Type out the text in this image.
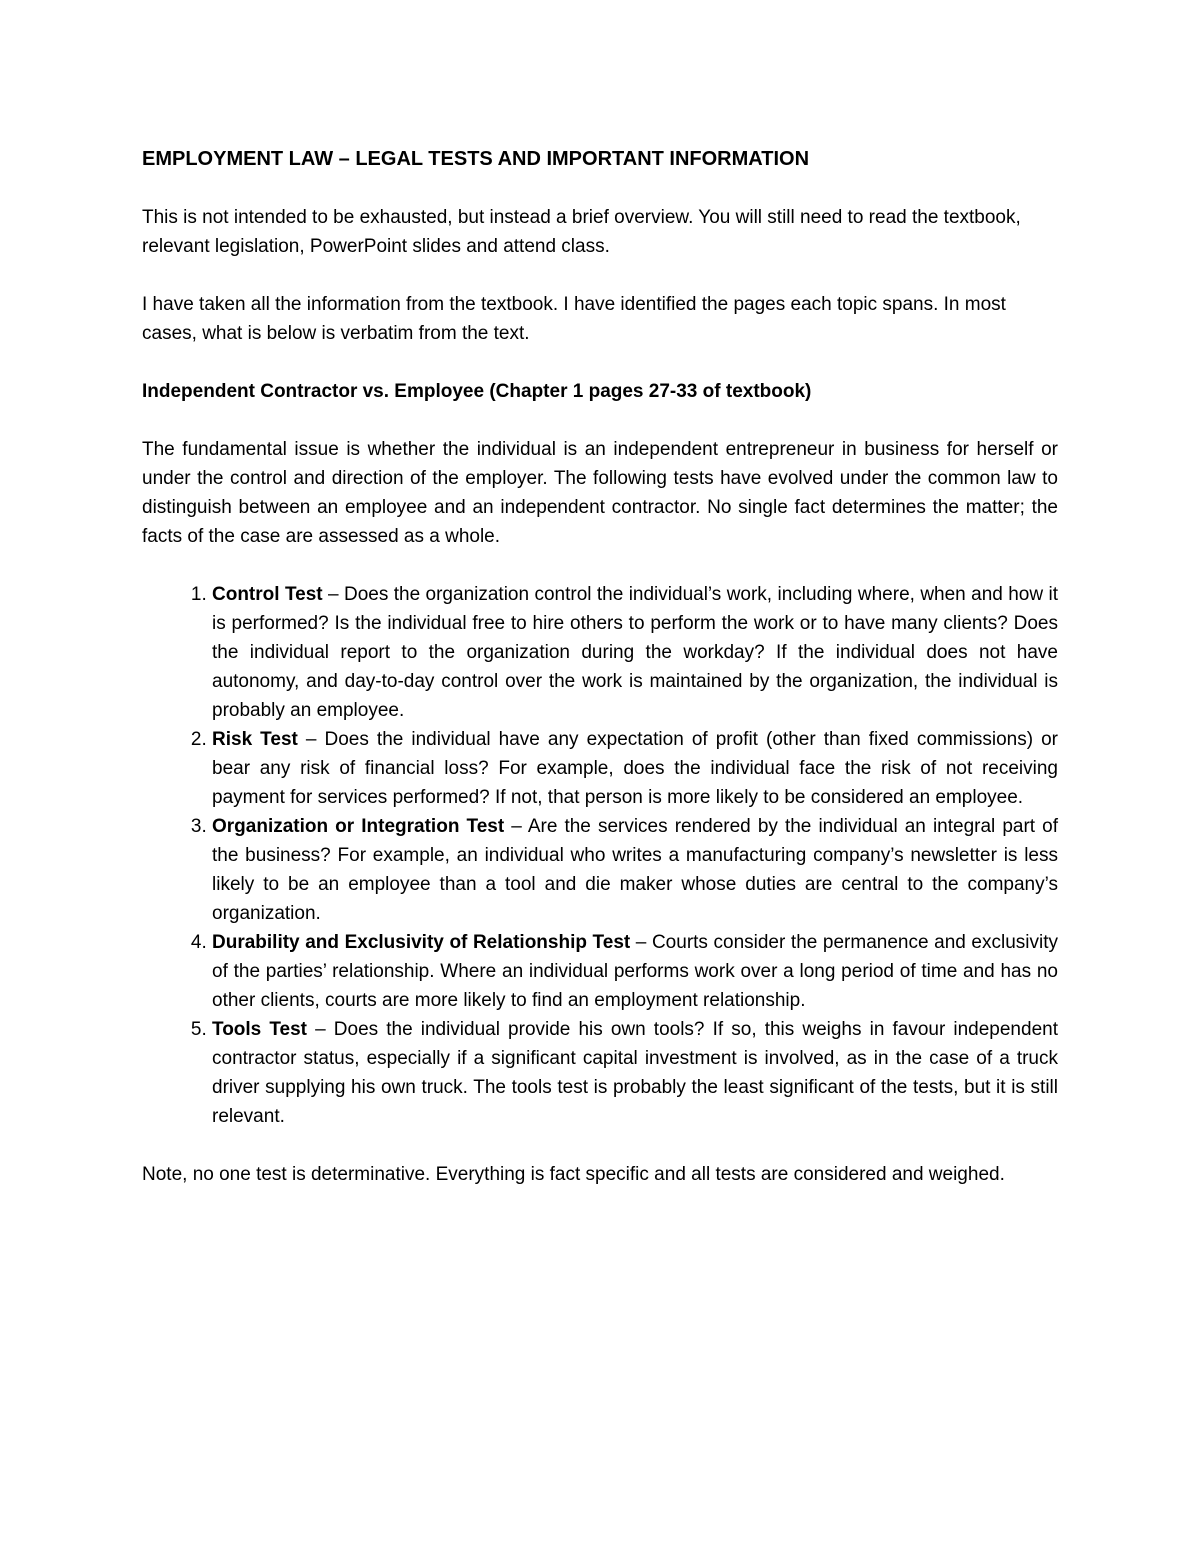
EMPLOYMENT LAW – LEGAL TESTS AND IMPORTANT INFORMATION

This is not intended to be exhausted, but instead a brief overview. You will still need to read the textbook, relevant legislation, PowerPoint slides and attend class.

I have taken all the information from the textbook. I have identified the pages each topic spans. In most cases, what is below is verbatim from the text.

Independent Contractor vs. Employee (Chapter 1 pages 27-33 of textbook)

The fundamental issue is whether the individual is an independent entrepreneur in business for herself or under the control and direction of the employer. The following tests have evolved under the common law to distinguish between an employee and an independent contractor. No single fact determines the matter; the facts of the case are assessed as a whole.

1. Control Test – Does the organization control the individual’s work, including where, when and how it is performed? Is the individual free to hire others to perform the work or to have many clients? Does the individual report to the organization during the workday? If the individual does not have autonomy, and day-to-day control over the work is maintained by the organization, the individual is probably an employee.
2. Risk Test – Does the individual have any expectation of profit (other than fixed commissions) or bear any risk of financial loss? For example, does the individual face the risk of not receiving payment for services performed? If not, that person is more likely to be considered an employee.
3. Organization or Integration Test – Are the services rendered by the individual an integral part of the business? For example, an individual who writes a manufacturing company’s newsletter is less likely to be an employee than a tool and die maker whose duties are central to the company’s organization.
4. Durability and Exclusivity of Relationship Test – Courts consider the permanence and exclusivity of the parties’ relationship. Where an individual performs work over a long period of time and has no other clients, courts are more likely to find an employment relationship.
5. Tools Test – Does the individual provide his own tools? If so, this weighs in favour independent contractor status, especially if a significant capital investment is involved, as in the case of a truck driver supplying his own truck. The tools test is probably the least significant of the tests, but it is still relevant.

Note, no one test is determinative. Everything is fact specific and all tests are considered and weighed.
